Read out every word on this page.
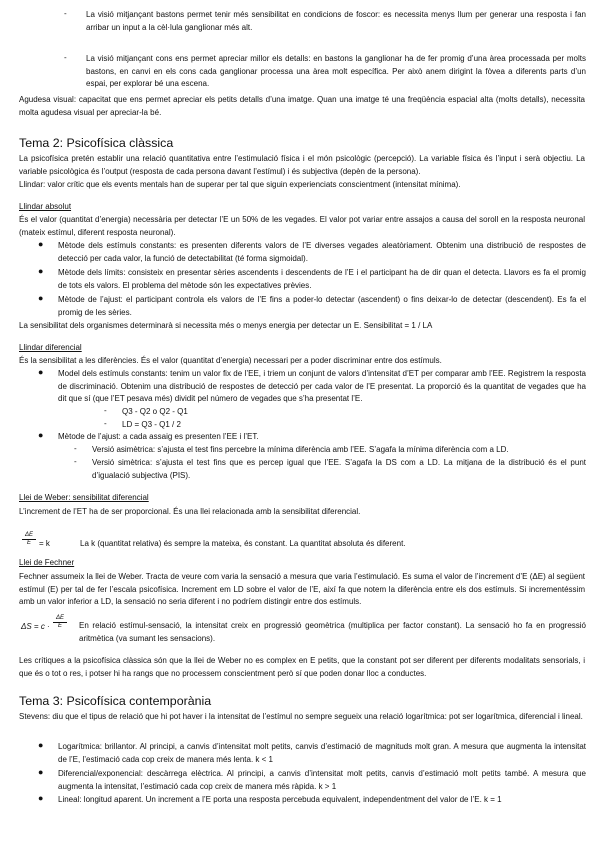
- La visió mitjançant bastons permet tenir més sensibilitat en condicions de foscor: es necessita menys llum per generar una resposta i fan arribar un input a la cèl·lula ganglionar més alt.

- La visió mitjançant cons ens permet apreciar millor els detalls: en bastons la ganglionar ha de fer promig d’una àrea processada per molts bastons, en canvi en els cons cada ganglionar processa una àrea molt específica. Per això anem dirigint la fòvea a diferents parts d’un espai, per explorar bé una escena.

Agudesa visual: capacitat que ens permet apreciar els petits detalls d’una imatge. Quan una imatge té una freqüència espacial alta (molts detalls), necessita molta agudesa visual per apreciar-la bé.

Tema 2: Psicofísica clàssica

La psicofísica pretén establir una relació quantitativa entre l’estimulació física i el món psicològic (percepció). La variable física és l’input i serà objectiu. La variable psicològica és l’output (resposta de cada persona davant l’estímul) i és subjectiva (depèn de la persona).

Llindar: valor crític que els events mentals han de superar per tal que siguin experienciats conscientment (intensitat mínima).

Llindar absolut

És el valor (quantitat d’energia) necessària per detectar l’E un 50% de les vegades. El valor pot variar entre assajos a causa del soroll en la resposta neuronal (mateix estímul, diferent resposta neuronal).

● Mètode dels estímuls constants: es presenten diferents valors de l’E diverses vegades aleatòriament. Obtenim una distribució de respostes de detecció per cada valor, la funció de detectabilitat (té forma sigmoidal).

● Mètode dels límits: consisteix en presentar sèries ascendents i descendents de l’E i el participant ha de dir quan el detecta. Llavors es fa el promig de tots els valors. El problema del mètode són les expectatives prèvies.

● Mètode de l’ajust: el participant controla els valors de l’E fins a poder-lo detectar (ascendent) o fins deixar-lo de detectar (descendent). Es fa el promig de les sèries.

La sensibilitat dels organismes determinarà si necessita més o menys energia per detectar un E. Sensibilitat = 1 / LA

Llindar diferencial

És la sensibilitat a les diferències. És el valor (quantitat d’energia) necessari per a poder discriminar entre dos estímuls.

● Model dels estímuls constants: tenim un valor fix de l’EE, i triem un conjunt de valors d’intensitat d’ET per comparar amb l’EE. Registrem la resposta de discriminació. Obtenim una distribució de respostes de detecció per cada valor de l’E presentat. La proporció és la quantitat de vegades que ha dit que sí (que l’ET pesava més) dividit pel número de vegades que s’ha presentat l’E.

- Q3 - Q2 o Q2 - Q1

- LD = Q3 - Q1 / 2

● Mètode de l’ajust: a cada assaig es presenten l’EE i l’ET.

- Versió asimètrica: s’ajusta el test fins percebre la mínima diferència amb l’EE. S’agafa la mínima diferència com a LD.

- Versió simètrica: s’ajusta el test fins que es percep igual que l’EE. S’agafa la DS com a LD. La mitjana de la distribució és el punt d’igualació subjectiva (PIS).

Llei de Weber: sensibilitat diferencial

L’increment de l’ET ha de ser proporcional. És una llei relacionada amb la sensibilitat diferencial.

$\frac{\Delta E}{E} = k$	La k (quantitat relativa) és sempre la mateixa, és constant. La quantitat absoluta és diferent.

Llei de Fechner

Fechner assumeix la llei de Weber. Tracta de veure com varia la sensació a mesura que varia l’estimulació. Es suma el valor de l’increment d’E (ΔE) al següent estímul (E) per tal de fer l’escala psicofísica. Increment em LD sobre el valor de l’E, així fa que notem la diferència entre els dos estímuls. Si incrementéssim amb un valor inferior a LD, la sensació no seria diferent i no podríem distingir entre dos estímuls.

$\Delta S = c \cdot \frac{\Delta E}{E}$ En relació estímul-sensació, la intensitat creix en progressió geomètrica (multiplica per factor constant). La sensació ho fa en progressió aritmètica (va sumant les sensacions).

Les crítiques a la psicofísica clàssica són que la llei de Weber no es complex en E petits, que la constant pot ser diferent per diferents modalitats sensorials, i que és o tot o res, i potser hi ha rangs que no processem conscientment però sí que poden donar lloc a conductes.

Tema 3: Psicofísica contemporània

Stevens: diu que el tipus de relació que hi pot haver i la intensitat de l’estímul no sempre segueix una relació logarítmica: pot ser logarítmica, diferencial i lineal.

● Logarítmica: brillantor. Al principi, a canvis d’intensitat molt petits, canvis d’estimació de magnituds molt gran. A mesura que augmenta la intensitat de l’E, l’estimació cada cop creix de manera més lenta. k < 1

● Diferencial/exponencial: descàrrega elèctrica. Al principi, a canvis d’intensitat molt petits, canvis d’estimació molt petits també. A mesura que augmenta la intensitat, l’estimació cada cop creix de manera més ràpida. k > 1

● Lineal: longitud aparent. Un increment a l’E porta una resposta percebuda equivalent, independentment del valor de l’E. k = 1
